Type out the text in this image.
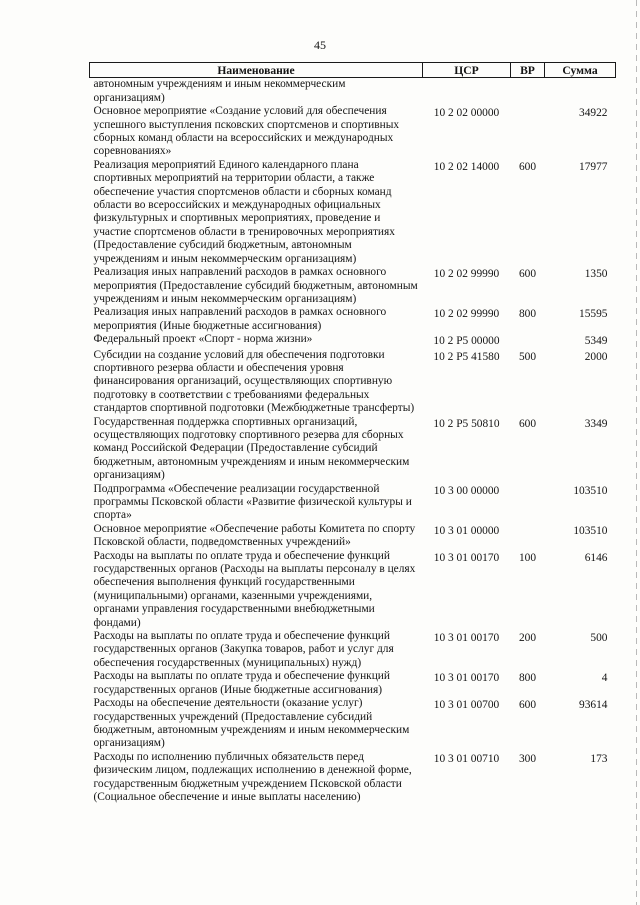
45
Наименование	ЦСР	ВР	Сумма
автономным учреждениям и иным некоммерческим организациям)			
Основное мероприятие «Создание условий для обеспечения успешного выступления псковских спортсменов и спортивных сборных команд области на всероссийских и международных соревнованиях»	10 2 02 00000		34922
Реализация мероприятий Единого календарного плана спортивных мероприятий на территории области, а также обеспечение участия спортсменов области и сборных команд области во всероссийских и международных официальных физкультурных и спортивных мероприятиях, проведение и участие спортсменов области в тренировочных мероприятиях (Предоставление субсидий бюджетным, автономным учреждениям и иным некоммерческим организациям)	10 2 02 14000	600	17977
Реализация иных направлений расходов в рамках основного мероприятия (Предоставление субсидий бюджетным, автономным учреждениям и иным некоммерческим организациям)	10 2 02 99990	600	1350
Реализация иных направлений расходов в рамках основного мероприятия (Иные бюджетные ассигнования)	10 2 02 99990	800	15595
Федеральный проект «Спорт - норма жизни»	10 2 P5 00000		5349
Субсидии на создание условий для обеспечения подготовки спортивного резерва области и обеспечения уровня финансирования организаций, осуществляющих спортивную подготовку в соответствии с требованиями федеральных стандартов спортивной подготовки (Межбюджетные трансферты)	10 2 P5 41580	500	2000
Государственная поддержка спортивных организаций, осуществляющих подготовку спортивного резерва для сборных команд Российской Федерации (Предоставление субсидий бюджетным, автономным учреждениям и иным некоммерческим организациям)	10 2 P5 50810	600	3349
Подпрограмма «Обеспечение реализации государственной программы Псковской области «Развитие физической культуры и спорта»	10 3 00 00000		103510
Основное мероприятие «Обеспечение работы Комитета по спорту Псковской области, подведомственных учреждений»	10 3 01 00000		103510
Расходы на выплаты по оплате труда и обеспечение функций государственных органов (Расходы на выплаты персоналу в целях обеспечения выполнения функций государственными (муниципальными) органами, казенными учреждениями, органами управления государственными внебюджетными фондами)	10 3 01 00170	100	6146
Расходы на выплаты по оплате труда и обеспечение функций государственных органов (Закупка товаров, работ и услуг для обеспечения государственных (муниципальных) нужд)	10 3 01 00170	200	500
Расходы на выплаты по оплате труда и обеспечение функций государственных органов (Иные бюджетные ассигнования)	10 3 01 00170	800	4
Расходы на обеспечение деятельности (оказание услуг) государственных учреждений (Предоставление субсидий бюджетным, автономным учреждениям и иным некоммерческим организациям)	10 3 01 00700	600	93614
Расходы по исполнению публичных обязательств перед физическим лицом, подлежащих исполнению в денежной форме, государственным бюджетным учреждением Псковской области (Социальное обеспечение и иные выплаты населению)	10 3 01 00710	300	173
